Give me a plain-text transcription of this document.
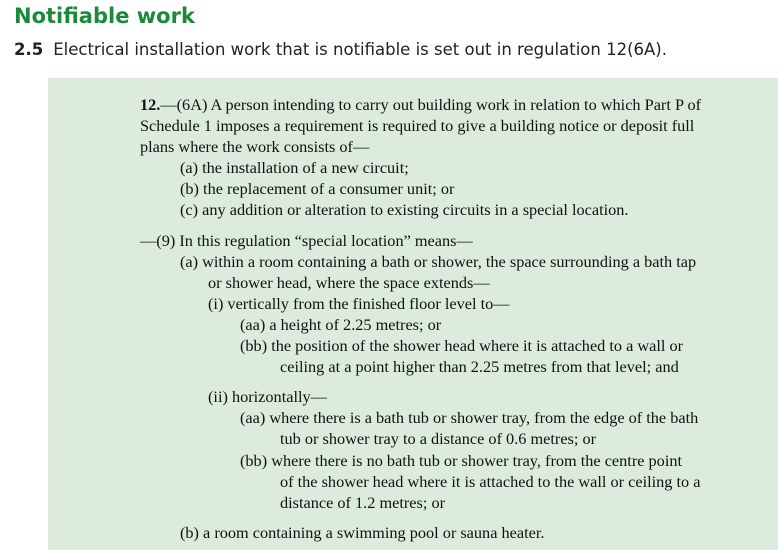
Notifiable work
2.5 Electrical installation work that is notifiable is set out in regulation 12(6A).
12.—(6A) A person intending to carry out building work in relation to which Part P of
Schedule 1 imposes a requirement is required to give a building notice or deposit full
plans where the work consists of—
(a) the installation of a new circuit;
(b) the replacement of a consumer unit; or
(c) any addition or alteration to existing circuits in a special location.
—(9) In this regulation “special location” means—
(a) within a room containing a bath or shower, the space surrounding a bath tap
or shower head, where the space extends—
(i) vertically from the finished floor level to—
(aa) a height of 2.25 metres; or
(bb) the position of the shower head where it is attached to a wall or
ceiling at a point higher than 2.25 metres from that level; and
(ii) horizontally—
(aa) where there is a bath tub or shower tray, from the edge of the bath
tub or shower tray to a distance of 0.6 metres; or
(bb) where there is no bath tub or shower tray, from the centre point
of the shower head where it is attached to the wall or ceiling to a
distance of 1.2 metres; or
(b) a room containing a swimming pool or sauna heater.
